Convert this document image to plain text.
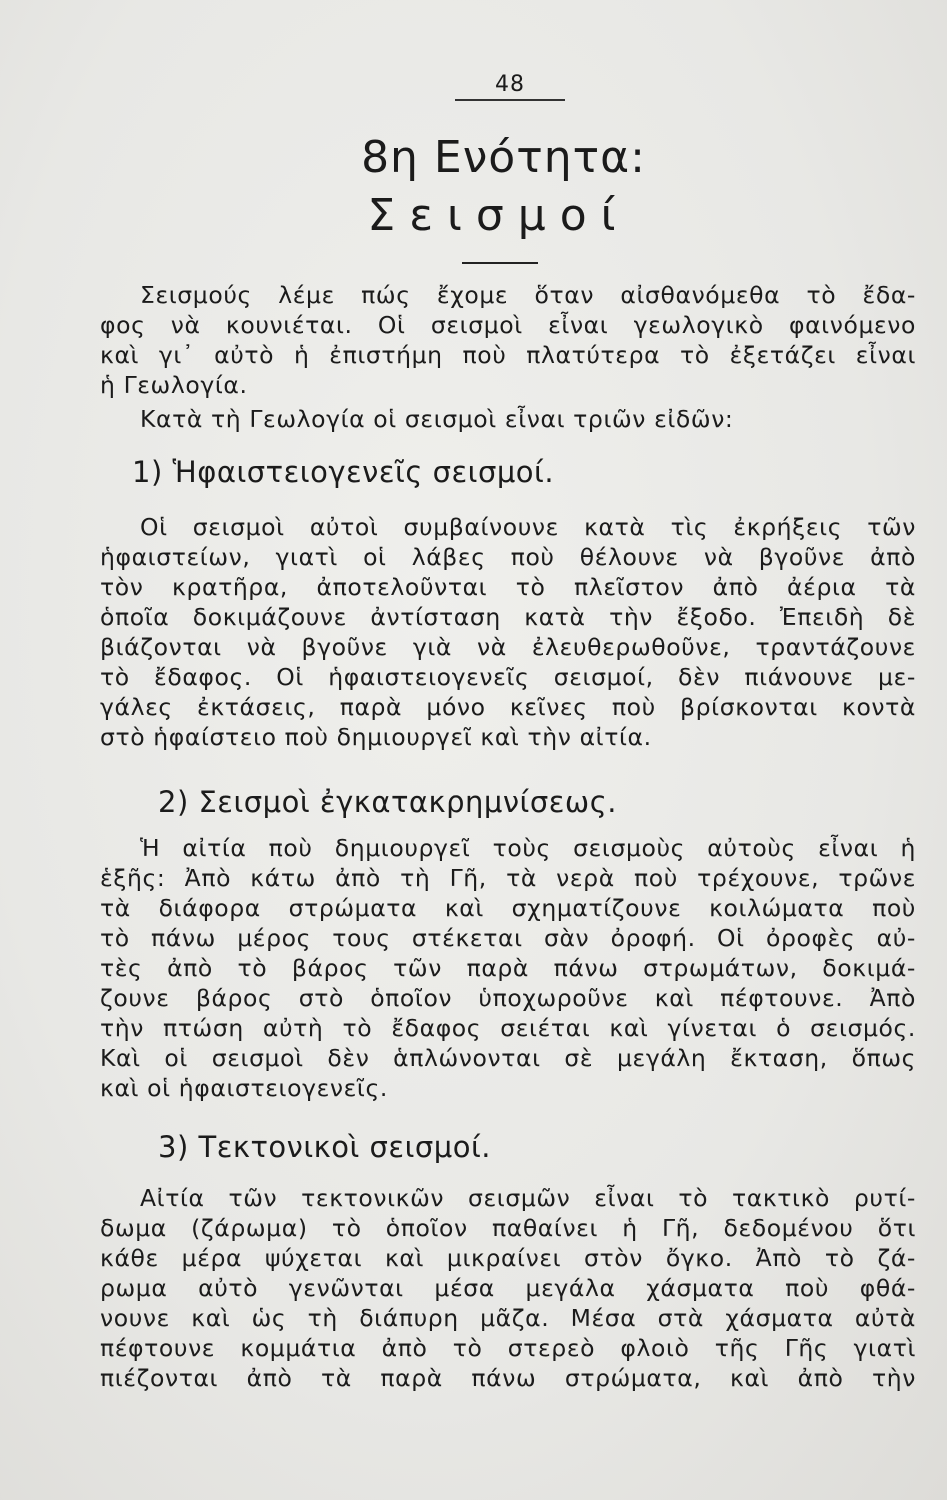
48
8η Ενότητα:
Σεισμοί
Σεισμούς λέμε πώς ἔχομε ὅταν αἰσθανόμεθα τὸ ἔδα-
φος νὰ κουνιέται. Οἱ σεισμοὶ εἶναι γεωλογικὸ φαινόμενο
καὶ γι᾽ αὐτὸ ἡ ἐπιστήμη ποὺ πλατύτερα τὸ ἐξετάζει εἶναι
ἡ Γεωλογία.
Κατὰ τὴ Γεωλογία οἱ σεισμοὶ εἶναι τριῶν εἰδῶν:
1) Ἡφαιστειογενεῖς σεισμοί.
Οἱ σεισμοὶ αὐτοὶ συμβαίνουνε κατὰ τὶς ἐκρήξεις τῶν
ἡφαιστείων, γιατὶ οἱ λάβες ποὺ θέλουνε νὰ βγοῦνε ἀπὸ
τὸν κρατῆρα, ἀποτελοῦνται τὸ πλεῖστον ἀπὸ ἀέρια τὰ
ὁποῖα δοκιμάζουνε ἀντίσταση κατὰ τὴν ἔξοδο. Ἐπειδὴ δὲ
βιάζονται νὰ βγοῦνε γιὰ νὰ ἐλευθερωθοῦνε, τραντάζουνε
τὸ ἔδαφος. Οἱ ἡφαιστειογενεῖς σεισμοί, δὲν πιάνουνε με-
γάλες ἐκτάσεις, παρὰ μόνο κεῖνες ποὺ βρίσκονται κοντὰ
στὸ ἡφαίστειο ποὺ δημιουργεῖ καὶ τὴν αἰτία.
2) Σεισμοὶ ἐγκατακρημνίσεως.
Ἡ αἰτία ποὺ δημιουργεῖ τοὺς σεισμοὺς αὐτοὺς εἶναι ἡ
ἑξῆς: Ἀπὸ κάτω ἀπὸ τὴ Γῆ, τὰ νερὰ ποὺ τρέχουνε, τρῶνε
τὰ διάφορα στρώματα καὶ σχηματίζουνε κοιλώματα ποὺ
τὸ πάνω μέρος τους στέκεται σὰν ὀροφή. Οἱ ὀροφὲς αὐ-
τὲς ἀπὸ τὸ βάρος τῶν παρὰ πάνω στρωμάτων, δοκιμά-
ζουνε βάρος στὸ ὁποῖον ὑποχωροῦνε καὶ πέφτουνε. Ἀπὸ
τὴν πτώση αὐτὴ τὸ ἔδαφος σειέται καὶ γίνεται ὁ σεισμός.
Καὶ οἱ σεισμοὶ δὲν ἁπλώνονται σὲ μεγάλη ἔκταση, ὅπως
καὶ οἱ ἡφαιστειογενεῖς.
3) Τεκτονικοὶ σεισμοί.
Αἰτία τῶν τεκτονικῶν σεισμῶν εἶναι τὸ τακτικὸ ρυτί-
δωμα (ζάρωμα) τὸ ὁποῖον παθαίνει ἡ Γῆ, δεδομένου ὅτι
κάθε μέρα ψύχεται καὶ μικραίνει στὸν ὄγκο. Ἀπὸ τὸ ζά-
ρωμα αὐτὸ γενῶνται μέσα μεγάλα χάσματα ποὺ φθά-
νουνε καὶ ὡς τὴ διάπυρη μᾶζα. Μέσα στὰ χάσματα αὐτὰ
πέφτουνε κομμάτια ἀπὸ τὸ στερεὸ φλοιὸ τῆς Γῆς γιατὶ
πιέζονται ἀπὸ τὰ παρὰ πάνω στρώματα, καὶ ἀπὸ τὴν
